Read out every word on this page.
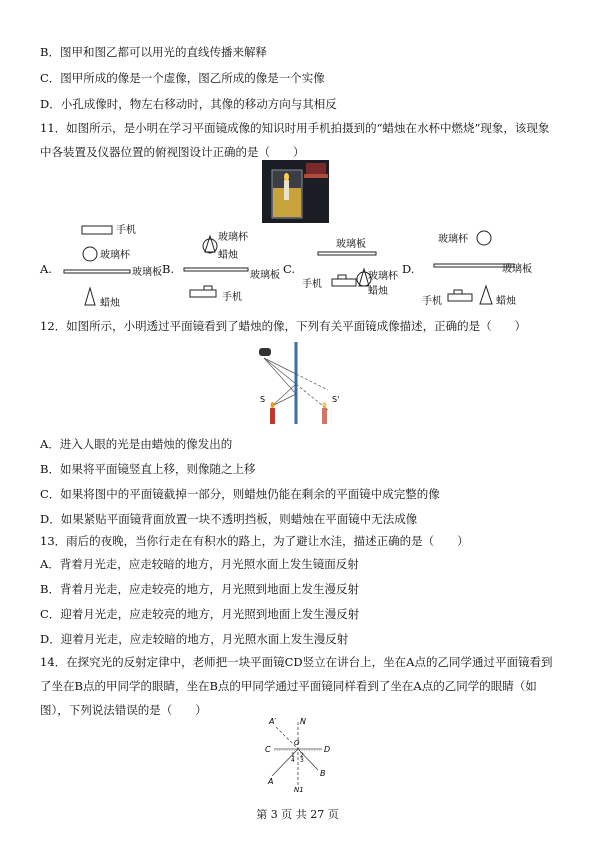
B．图甲和图乙都可以用光的直线传播来解释
C．图甲所成的像是一个虚像，图乙所成的像是一个实像
D．小孔成像时，物左右移动时，其像的移动方向与其相反
11．如图所示，是小明在学习平面镜成像的知识时用手机拍摄到的“蜡烛在水杯中燃烧”现象，该现象中各装置及仪器位置的俯视图设计正确的是（　　）
A.
手机
玻璃杯
玻璃板
蜡烛
B.
玻璃杯
蜡烛
玻璃板
手机
C.
玻璃板
手机
玻璃杯
蜡烛
D.
玻璃杯
玻璃板
手机	蜡烛
12．如图所示，小明透过平面镜看到了蜡烛的像，下列有关平面镜成像描述，正确的是（　　）
S	S'
A．进入人眼的光是由蜡烛的像发出的
B．如果将平面镜竖直上移，则像随之上移
C．如果将图中的平面镜截掉一部分，则蜡烛仍能在剩余的平面镜中成完整的像
D．如果紧贴平面镜背面放置一块不透明挡板，则蜡烛在平面镜中无法成像
13．雨后的夜晚，当你行走在有积水的路上，为了避让水洼，描述正确的是（　　）
A．背着月光走，应走较暗的地方，月光照水面上发生镜面反射
B．背着月光走，应走较亮的地方，月光照到地面上发生漫反射
C．迎着月光走，应走较亮的地方，月光照到地面上发生漫反射
D．迎着月光走，应走较暗的地方，月光照水面上发生漫反射
14．在探究光的反射定律中，老师把一块平面镜CD竖立在讲台上，坐在A点的乙同学通过平面镜看到了坐在B点的甲同学的眼睛，坐在B点的甲同学通过平面镜同样看到了坐在A点的乙同学的眼睛（如图），下列说法错误的是（　　）
A′	N
C
O
D
A
B
N1
1 2
3
4
第 3 页 共 27 页
